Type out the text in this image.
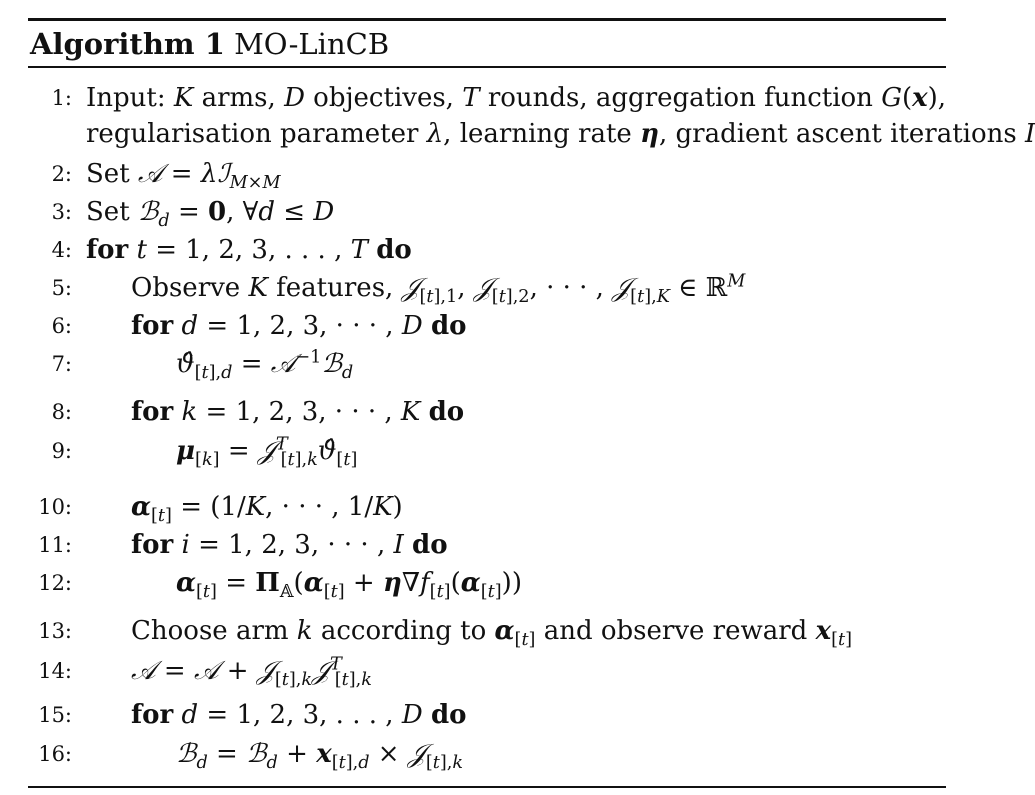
Algorithm 1 MO-LinCB
1: Input: K arms, D objectives, T rounds, aggregation function G(x),
regularisation parameter λ, learning rate η, gradient ascent iterations I
2: Set 𝒜 = λℐ$_{M\times M}$
3: Set ℬ$_d$ = 0, ∀d ≤ D
4: for t = 1, 2, 3, . . . , T do
5: Observe K features, 𝒥$_{[t],1}$, 𝒥$_{[t],2}$, · · · , 𝒥$_{[t],K}$ ∈ ℝ$^M$
6: for d = 1, 2, 3, · · · , D do
7:	$ϑ̂_{[t],d}$ = 𝒜$^{-1}$ℬ$_d$
8: for k = 1, 2, 3, · · · , K do
9:	$\mu_{[k]}$ = $𝒥^T_{[t],k}ϑ̂_{[t]}$
10: $\alpha_{[t]} = (1/K$, · · · , 1/K)
11: for i = 1, 2, 3, · · · , I do
12:	$\alpha_{[t]} = \Pi_𝔸(\alpha_{[t]} + \eta\nabla f_{[t]}(\alpha_{[t]}))$
13: Choose arm k according to $\alpha_{[t]}$ and observe reward $x_{[t]}$
14: 𝒜 = 𝒜 + 𝒥$_{[t],k}$𝒥$^T_{[t],k}$
15: for d = 1, 2, 3, . . . , D do
16:	ℬ$_d$ = ℬ$_d$ + $x_{[t],d}$ × 𝒥$_{[t],k}$
